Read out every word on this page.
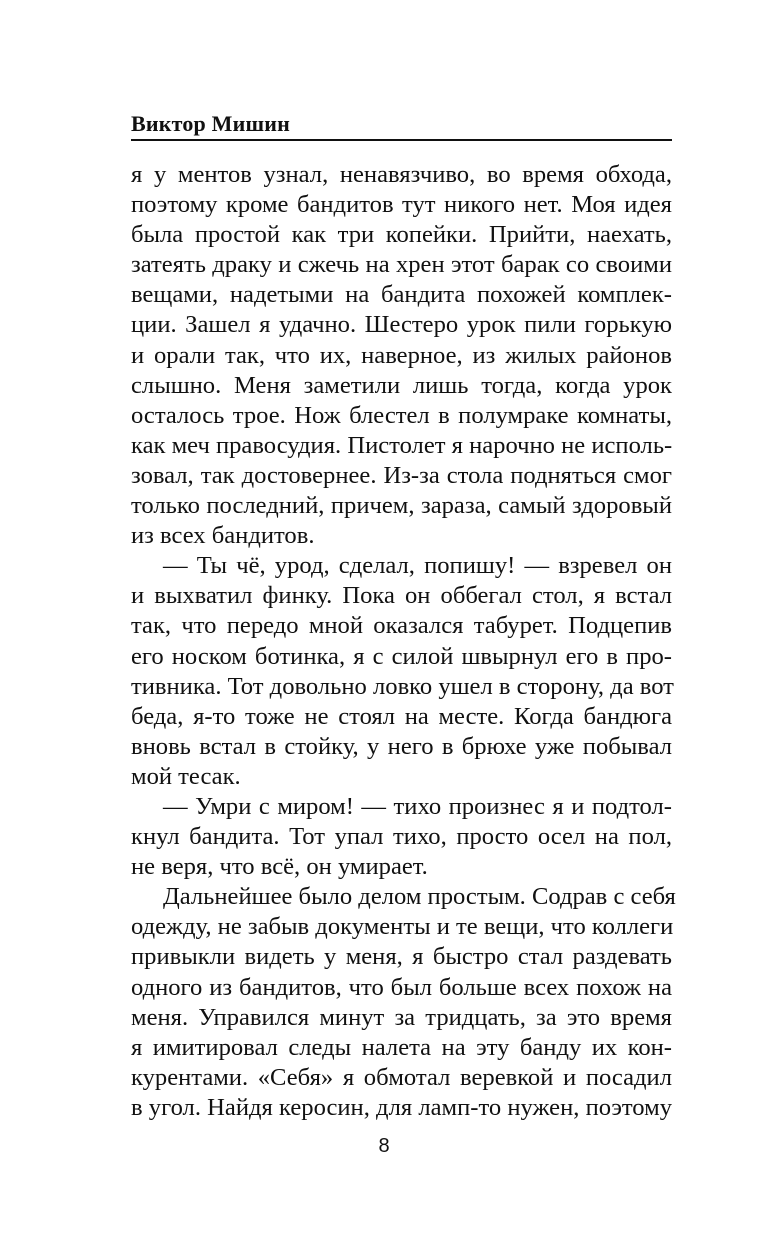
Виктор Мишин
я у ментов узнал, ненавязчиво, во время обхода,
поэтому кроме бандитов тут никого нет. Моя идея
была простой как три копейки. Прийти, наехать,
затеять драку и сжечь на хрен этот барак со своими
вещами, надетыми на бандита похожей комплек-
ции. Зашел я удачно. Шестеро урок пили горькую
и орали так, что их, наверное, из жилых районов
слышно. Меня заметили лишь тогда, когда урок
осталось трое. Нож блестел в полумраке комнаты,
как меч правосудия. Пистолет я нарочно не исполь-
зовал, так достовернее. Из-за стола подняться смог
только последний, причем, зараза, самый здоровый
из всех бандитов.
— Ты чё, урод, сделал, попишу! — взревел он
и выхватил финку. Пока он оббегал стол, я встал
так, что передо мной оказался табурет. Подцепив
его носком ботинка, я с силой швырнул его в про-
тивника. Тот довольно ловко ушел в сторону, да вот
беда, я-то тоже не стоял на месте. Когда бандюга
вновь встал в стойку, у него в брюхе уже побывал
мой тесак.
— Умри с миром! — тихо произнес я и подтол-
кнул бандита. Тот упал тихо, просто осел на пол,
не веря, что всё, он умирает.
Дальнейшее было делом простым. Содрав с себя
одежду, не забыв документы и те вещи, что коллеги
привыкли видеть у меня, я быстро стал раздевать
одного из бандитов, что был больше всех похож на
меня. Управился минут за тридцать, за это время
я имитировал следы налета на эту банду их кон-
курентами. «Себя» я обмотал веревкой и посадил
в угол. Найдя керосин, для ламп-то нужен, поэтому
8
